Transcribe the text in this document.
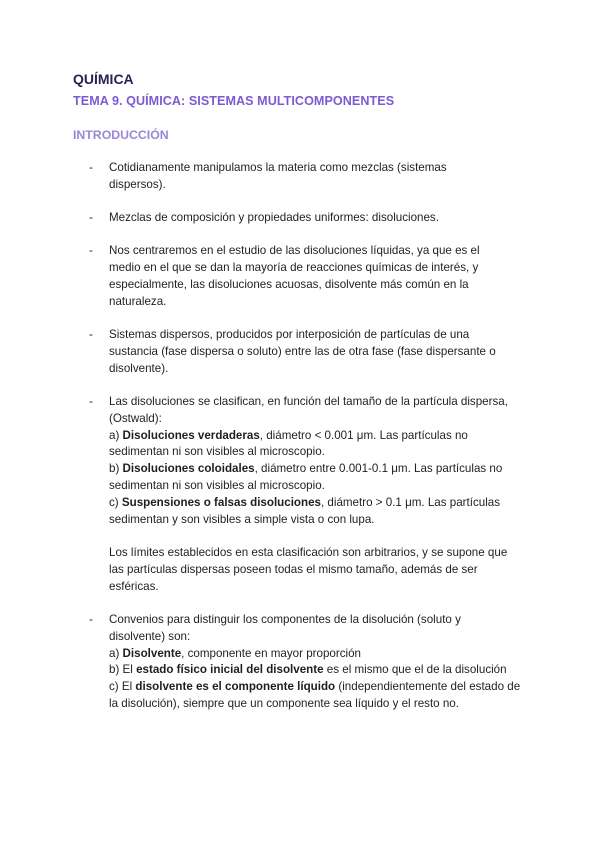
QUÍMICA
TEMA 9. QUÍMICA: SISTEMAS MULTICOMPONENTES
INTRODUCCIÓN
- Cotidianamente manipulamos la materia como mezclas (sistemas
dispersos).
- Mezclas de composición y propiedades uniformes: disoluciones.
- Nos centraremos en el estudio de las disoluciones líquidas, ya que es el
medio en el que se dan la mayoría de reacciones químicas de interés, y
especialmente, las disoluciones acuosas, disolvente más común en la
naturaleza.
- Sistemas dispersos, producidos por interposición de partículas de una
sustancia (fase dispersa o soluto) entre las de otra fase (fase dispersante o
disolvente).
- Las disoluciones se clasifican, en función del tamaño de la partícula dispersa,
(Ostwald):
a) Disoluciones verdaderas, diámetro < 0.001 μm. Las partículas no
sedimentan ni son visibles al microscopio.
b) Disoluciones coloidales, diámetro entre 0.001-0.1 μm. Las partículas no
sedimentan ni son visibles al microscopio.
c) Suspensiones o falsas disoluciones, diámetro > 0.1 μm. Las partículas
sedimentan y son visibles a simple vista o con lupa.
Los límites establecidos en esta clasificación son arbitrarios, y se supone que
las partículas dispersas poseen todas el mismo tamaño, además de ser
esféricas.
- Convenios para distinguir los componentes de la disolución (soluto y
disolvente) son:
a) Disolvente, componente en mayor proporción
b) El estado físico inicial del disolvente es el mismo que el de la disolución
c) El disolvente es el componente líquido (independientemente del estado de
la disolución), siempre que un componente sea líquido y el resto no.
